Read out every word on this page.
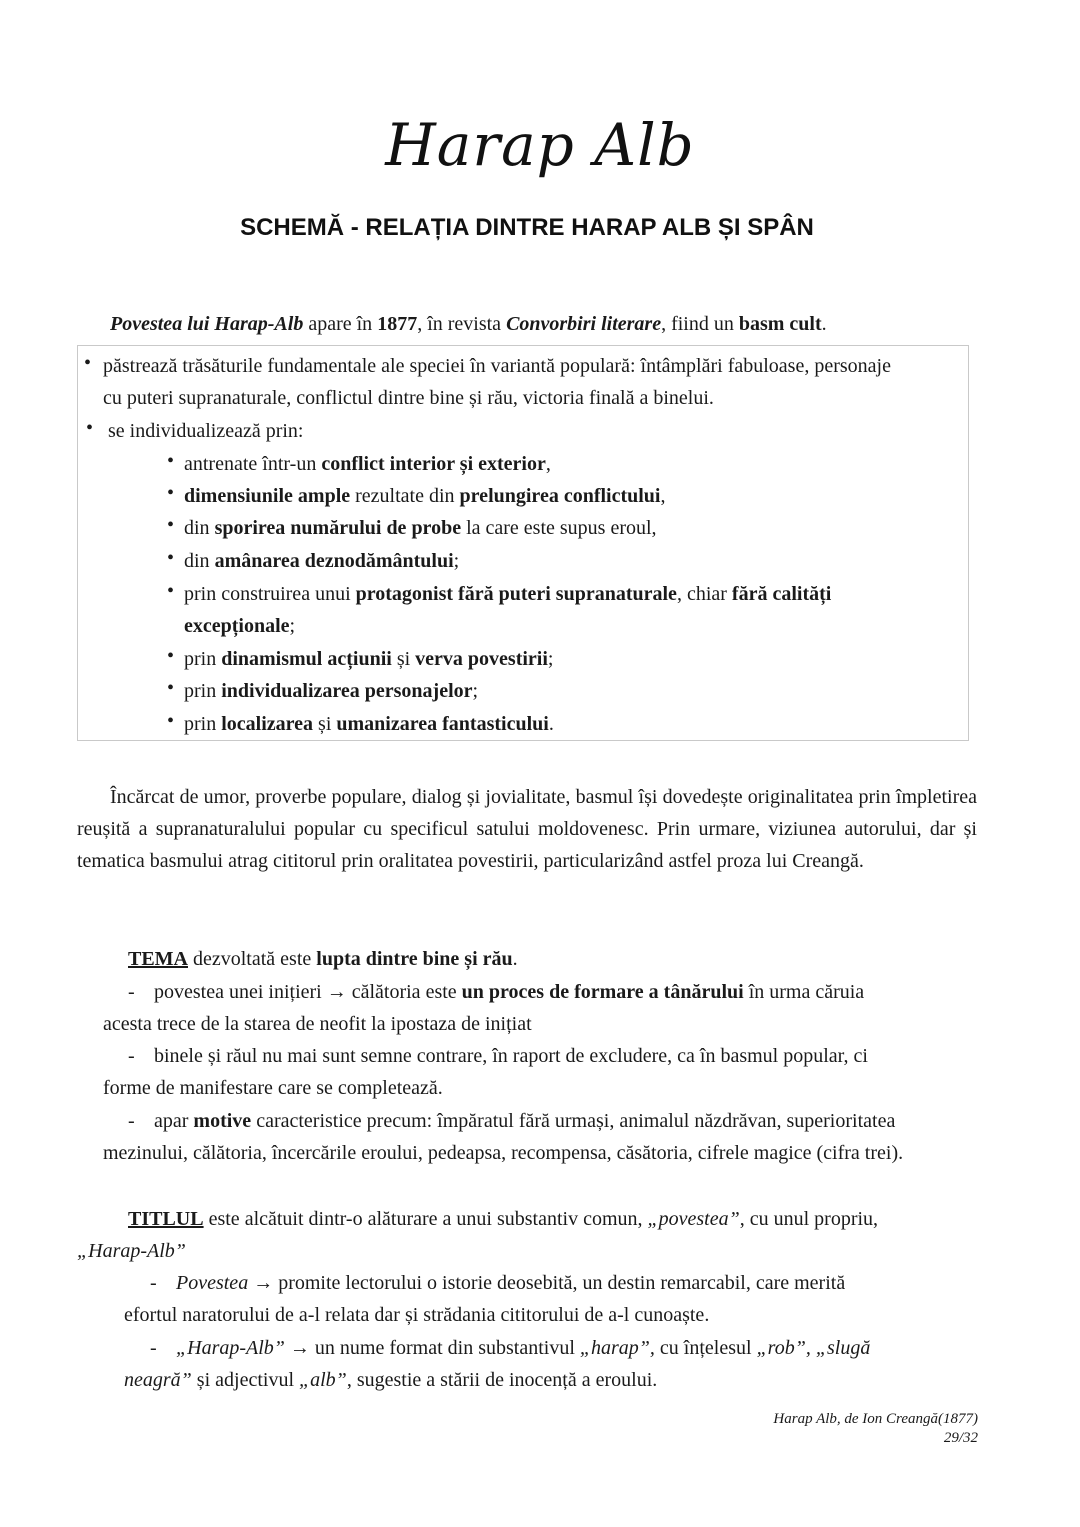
Harap Alb
SCHEMĂ - RELAȚIA DINTRE HARAP ALB ȘI SPÂN
Povestea lui Harap-Alb apare în 1877, în revista Convorbiri literare, fiind un basm cult.
• păstrează trăsăturile fundamentale ale speciei în variantă populară: întâmplări fabuloase, personaje
cu puteri supranaturale, conflictul dintre bine și rău, victoria finală a binelui.
• se individualizează prin:
• antrenate într-un conflict interior și exterior,
• dimensiunile ample rezultate din prelungirea conflictului,
• din sporirea numărului de probe la care este supus eroul,
• din amânarea deznodământului;
• prin construirea unui protagonist fără puteri supranaturale, chiar fără calități
excepționale;
• prin dinamismul acțiunii și verva povestirii;
• prin individualizarea personajelor;
• prin localizarea și umanizarea fantasticului.

Încărcat de umor, proverbe populare, dialog și jovialitate, basmul își dovedește originalitatea prin împletirea reușită a supranaturalului popular cu specificul satului moldovenesc. Prin urmare, viziunea autorului, dar și tematica basmului atrag cititorul prin oralitatea povestirii, particularizând astfel proza lui Creangă.

TEMA dezvoltată este lupta dintre bine și rău.
- povestea unei inițieri → călătoria este un proces de formare a tânărului în urma căruia
acesta trece de la starea de neofit la ipostaza de inițiat
- binele și răul nu mai sunt semne contrare, în raport de excludere, ca în basmul popular, ci
forme de manifestare care se completează.
- apar motive caracteristice precum: împăratul fără urmași, animalul năzdrăvan, superioritatea
mezinului, călătoria, încercările eroului, pedeapsa, recompensa, căsătoria, cifrele magice (cifra trei).
TITLUL este alcătuit dintr-o alăturare a unui substantiv comun, „povestea”, cu unul propriu,
„Harap-Alb”
- Povestea → promite lectorului o istorie deosebită, un destin remarcabil, care merită
efortul naratorului de a-l relata dar și strădania cititorului de a-l cunoaște.
- „Harap-Alb” → un nume format din substantivul „harap”, cu înțelesul „rob”, „slugă
neagră” și adjectivul „alb”, sugestie a stării de inocență a eroului.
Harap Alb, de Ion Creangă(1877)
29/32
